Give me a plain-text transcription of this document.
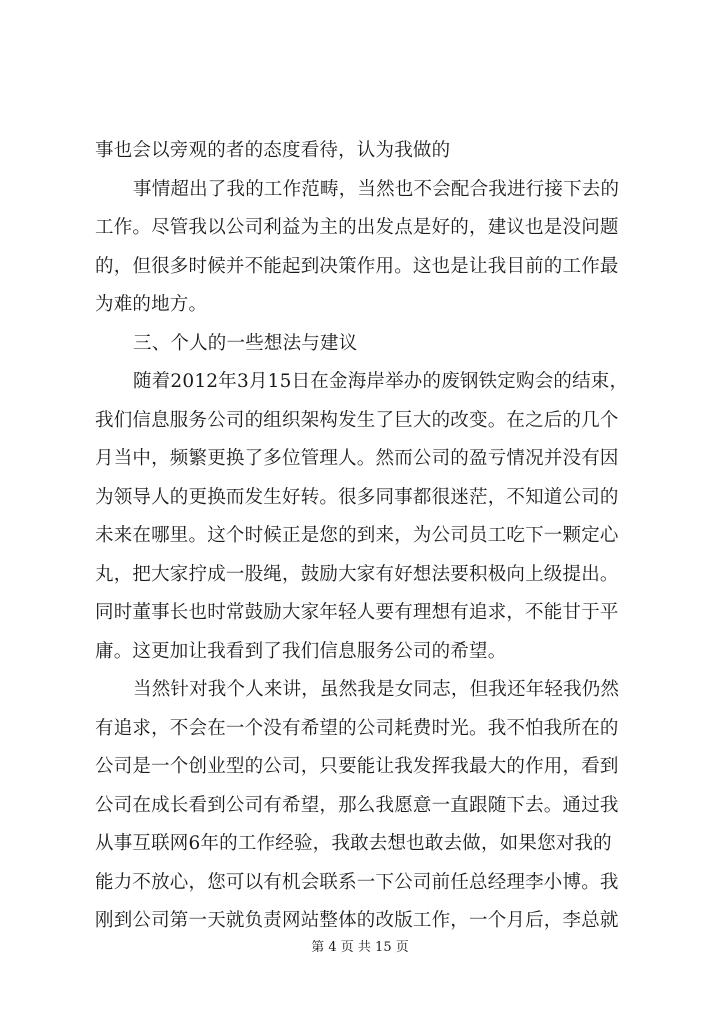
事也会以旁观的者的态度看待，认为我做的
事情超出了我的工作范畴，当然也不会配合我进行接下去的
工作。尽管我以公司利益为主的出发点是好的，建议也是没问题
的，但很多时候并不能起到决策作用。这也是让我目前的工作最
为难的地方。
三、个人的一些想法与建议
随着2012年3月15日在金海岸举办的废钢铁定购会的结束，
我们信息服务公司的组织架构发生了巨大的改变。在之后的几个
月当中，频繁更换了多位管理人。然而公司的盈亏情况并没有因
为领导人的更换而发生好转。很多同事都很迷茫，不知道公司的
未来在哪里。这个时候正是您的到来，为公司员工吃下一颗定心
丸，把大家拧成一股绳，鼓励大家有好想法要积极向上级提出。
同时董事长也时常鼓励大家年轻人要有理想有追求，不能甘于平
庸。这更加让我看到了我们信息服务公司的希望。
当然针对我个人来讲，虽然我是女同志，但我还年轻我仍然
有追求，不会在一个没有希望的公司耗费时光。我不怕我所在的
公司是一个创业型的公司，只要能让我发挥我最大的作用，看到
公司在成长看到公司有希望，那么我愿意一直跟随下去。通过我
从事互联网6年的工作经验，我敢去想也敢去做，如果您对我的
能力不放心，您可以有机会联系一下公司前任总经理李小博。我
刚到公司第一天就负责网站整体的改版工作，一个月后，李总就
第 4 页 共 15 页
